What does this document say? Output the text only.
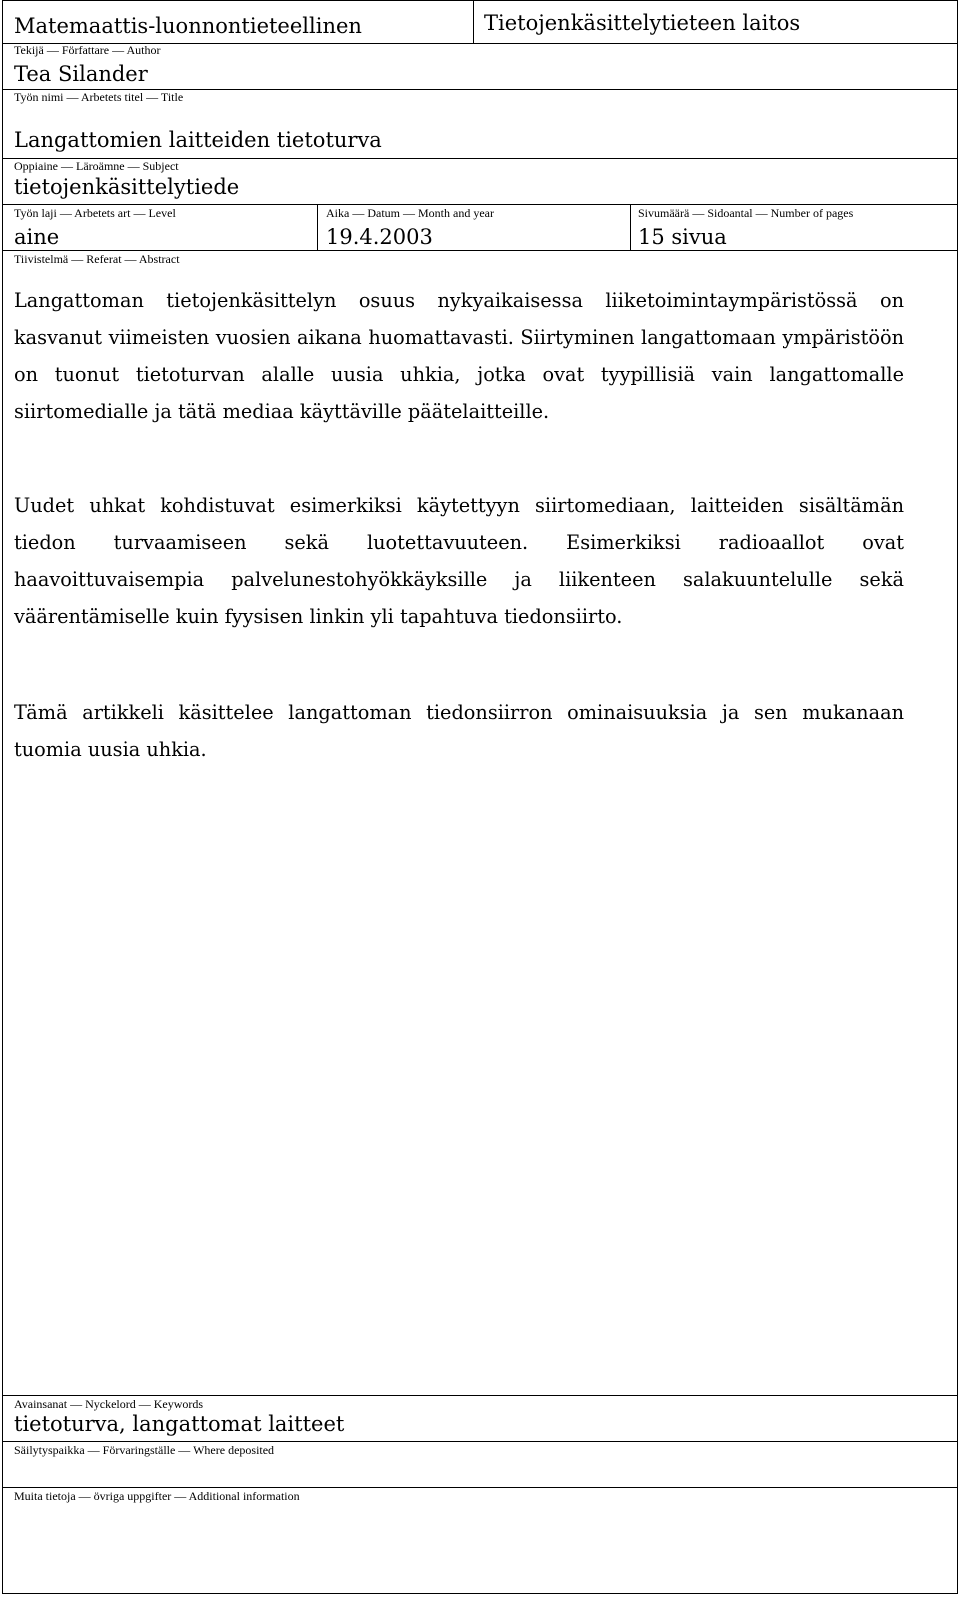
Matemaattis-luonnontieteellinen	Tietojenkäsittelytieteen laitos
Tekijä — Författare — Author
Tea Silander
Työn nimi — Arbetets titel — Title
Langattomien laitteiden tietoturva
Oppiaine — Läroämne — Subject
tietojenkäsittelytiede
Työn laji — Arbetets art — Level
aine
Aika — Datum — Month and year
19.4.2003
Sivumäärä — Sidoantal — Number of pages
15 sivua
Tiivistelmä — Referat — Abstract

Langattoman tietojenkäsittelyn osuus nykyaikaisessa liiketoimintaympäristössä on kasvanut viimeisten vuosien aikana huomattavasti. Siirtyminen langattomaan ympäristöön on tuonut tietoturvan alalle uusia uhkia, jotka ovat tyypillisiä vain langattomalle siirtomedialle ja tätä mediaa käyttäville päätelaitteille.

Uudet uhkat kohdistuvat esimerkiksi käytettyyn siirtomediaan, laitteiden sisältämän tiedon turvaamiseen sekä luotettavuuteen. Esimerkiksi radioaallot ovat haavoittuvaisempia palvelunestohyökkäyksille ja liikenteen salakuuntelulle sekä väärentämiselle kuin fyysisen linkin yli tapahtuva tiedonsiirto.

Tämä artikkeli käsittelee langattoman tiedonsiirron ominaisuuksia ja sen mukanaan tuomia uusia uhkia.

Avainsanat — Nyckelord — Keywords
tietoturva, langattomat laitteet
Säilytyspaikka — Förvaringställe — Where deposited
Muita tietoja — övriga uppgifter — Additional information
